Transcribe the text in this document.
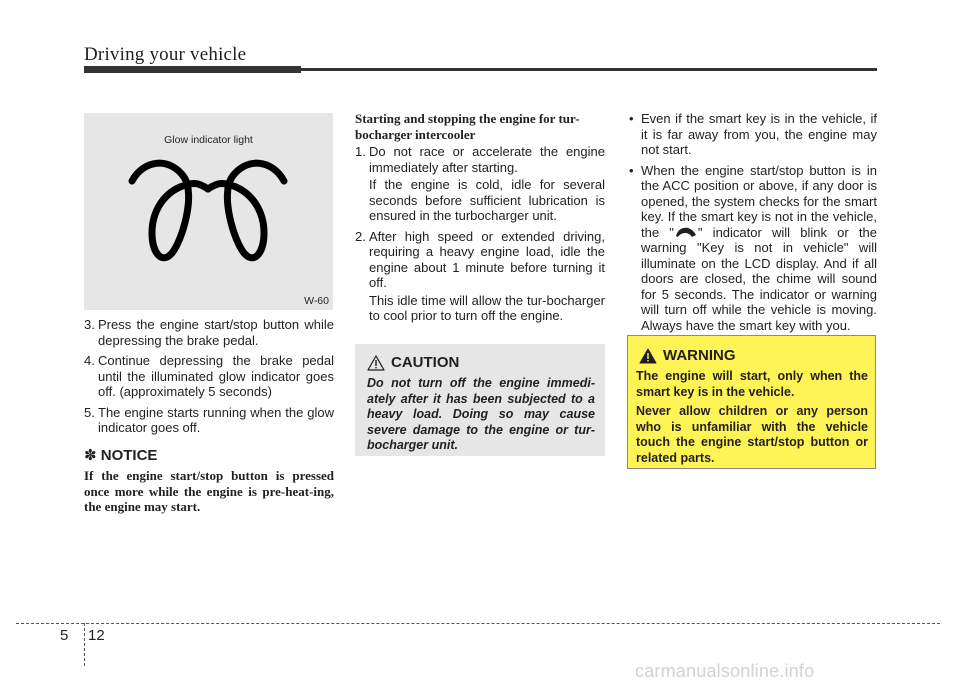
Driving your vehicle
Glow indicator light
W-60
3. Press the engine start/stop button while depressing the brake pedal.
4. Continue depressing the brake pedal until the illuminated glow indicator goes off. (approximately 5 seconds)
5. The engine starts running when the glow indicator goes off.
✽ NOTICE
If the engine start/stop button is pressed once more while the engine is pre-heat-ing, the engine may start.
Starting and stopping the engine for tur-bocharger intercooler
1. Do not race or accelerate the engine immediately after starting.
If the engine is cold, idle for several seconds before sufficient lubrication is ensured in the turbocharger unit.
2. After high speed or extended driving, requiring a heavy engine load, idle the engine about 1 minute before turning it off.
This idle time will allow the tur-bocharger to cool prior to turn off the engine.
CAUTION
Do not turn off the engine immedi-ately after it has been subjected to a heavy load. Doing so may cause severe damage to the engine or tur-bocharger unit.
• Even if the smart key is in the vehicle, if it is far away from you, the engine may not start.
• When the engine start/stop button is in the ACC position or above, if any door is opened, the system checks for the smart key. If the smart key is not in the vehicle, the " " indicator will blink or the warning "Key is not in vehicle" will illuminate on the LCD display. And if all doors are closed, the chime will sound for 5 seconds. The indicator or warning will turn off while the vehicle is moving. Always have the smart key with you.
WARNING

The engine will start, only when the smart key is in the vehicle.

Never allow children or any person who is unfamiliar with the vehicle touch the engine start/stop button or related parts.

5 12
carmanualsonline.info
